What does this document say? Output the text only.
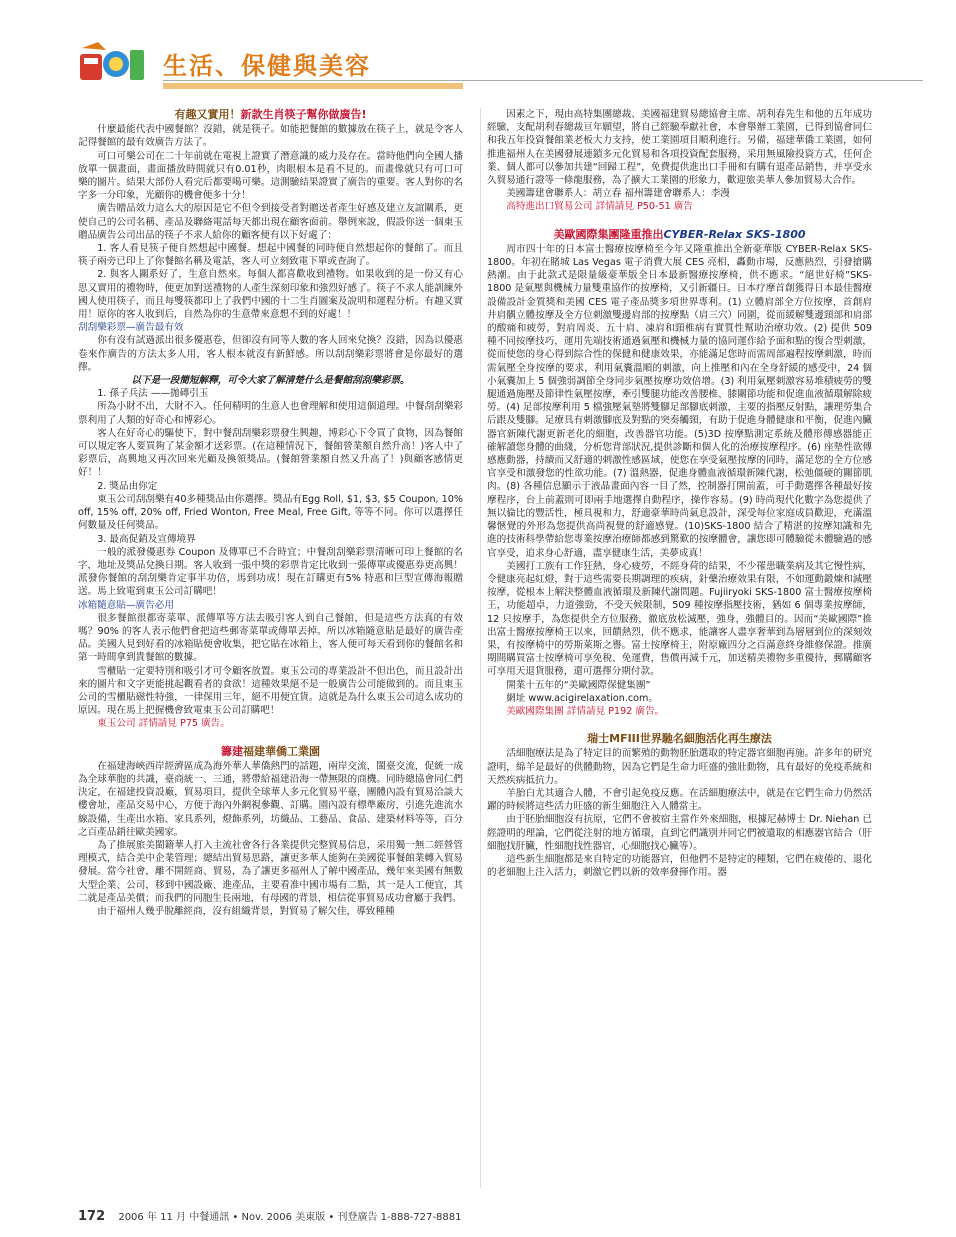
生活、保健與美容
有趣又實用！新款生肖筷子幫你做廣告!

什麼最能代表中國餐館？沒錯，就是筷子。如能把餐館的數據放在筷子上，就是令客人記得餐館的最有效廣告方法了。

可口可樂公司在二十年前就在電視上證實了潛意識的威力及存在。當時他們向全國人播放單一個畫面，畫面播放時間就只有0.01秒，肉眼根本是看不見的。而畫像就只有可口可樂的圖片。結果大部份人看完后都要喝可樂。這測驗結果證實了廣告的重要。客人對你的名字多一分印象，光顧你的機會便多十分！

廣告贈品效力這么大的原因是它不但令到接受者對贈送者產生好感及建立友誼關系，更使自己的公司名稱、產品及聯絡電話每天都出現在顧客面前。舉例來說，假設你送一個東玉贈品廣告公司出品的筷子不求人給你的顧客便有以下好處了：

1. 客人看見筷子便自然想起中國餐。想起中國餐的同時便自然想起你的餐館了。而且筷子兩旁已印上了你餐館名稱及電話，客人可立刻致電下單或查詢了。

2. 與客人關系好了，生意自然來。每個人都喜歡收到禮物。如果收到的是一份又有心思又實用的禮物時，便更加對送禮物的人產生深刻印象和強烈好感了。筷子不求人能訓練外國人使用筷子，而且每雙筷都印上了我們中國的十二生肖圖案及說明和運程分析。有趣又實用！原你的客人收到后，自然為你的生意帶來意想不到的好處！！

刮刮樂彩票—廣告最有效

你有沒有試過派出很多優惠卷，但卻沒有同等人數的客人回來兌換？沒錯，因為以優惠卷來作廣告的方法太多人用，客人根本就沒有新鮮感。所以刮刮樂彩票將會是你最好的選擇。

以下是一段簡短解釋，可令大家了解清楚什么是餐館刮刮樂彩票。

1. 孫子兵法 ——拋磚引玉

所為小財不出，大財不入。任何精明的生意人也會理解和使用這個道理。中餐刮刮樂彩票利用了人類的好奇心和博彩心。

客人在好奇心的驅使下，對中餐刮刮樂彩票發生興趣，博彩心下令買了食物，因為餐館可以規定客人要買夠了某金額才送彩票。(在這種情況下，餐館營業額自然升高！)客人中了彩票后，高興地又再次回來光顧及換領獎品。(餐館營業額自然又升高了！)與顧客感情更好！！

2. 獎品由你定

東玉公司刮刮樂有40多種獎品由你選擇。獎品有Egg Roll, $1, $3, $5 Coupon, 10% off, 15% off, 20% off, Fried Wonton, Free Meal, Free Gift, 等等不同。你可以選擇任何數量及任何獎品。

3. 最高促銷及宣傳境界

一般的派發優惠券 Coupon 及傳單已不合時宜；中餐刮刮樂彩票清晰可印上餐館的名字，地址及獎品兌換日期。客人收到一張中獎的彩票肯定比收到一張傳單或優惠券更高興！派發你餐館的刮刮樂肯定事半功倍，馬到功成！現在訂購更有5% 特惠和巨型宣傳海報贈送。馬上致電到東玉公司訂購吧！

冰箱隨意貼—廣告必用

很多餐館很都寄菜單、派傳單等方法去吸引客人到自己餐館，但是這些方法真的有效嗎？90% 的客人表示他們會把這些郵寄菜單或傳單丟掉。所以冰箱隨意貼是最好的廣告產品。美國人見到好看的冰箱貼便會收集，把它貼在冰箱上，客人便可每天看到你的餐館名和第一時間拿到貴餐館的數據。

雪櫃貼一定要特別和吸引才可令顧客放置。東玉公司的專業設計不但出色，而且設計出來的圖片和文字更能挑起觀看者的食欲！這種效果絕不是一般廣告公司能做到的。而且東玉公司的雪櫃貼磁性特強，一律保用三年，絕不用便宜貨。這就是為什么東玉公司這么成功的原因。現在馬上把握機會致電東玉公司訂購吧！

東玉公司 詳情請見 P75 廣告。

籌建福建華僑工業園

在福建海峽西岸經濟區成為海外華人華僑熱門的話題，兩岸交流，閩臺交流，促統一成為全球華胞的共識，臺商統一、三通，將帶給福建沿海一帶無限的商機。同時總協會同仁們決定，在福建投資設廠，貿易項目，提供全球華人多元化貿易平臺，團體內設有貿易洽談大樓會址，產品交易中心，方便于海內外網視參觀、訂購。園內設有標準廠房，引進先進流水線設備，生產出水箱、家具系列，燈飾系列，坊織品、工藝品、食品、建築材料等等，百分之百產品銷往歐美國家。

為了推展旅美閩籍華人打入主流社會各行各業提供完整貿易信息，采用獨一無二經營管理模式，結合美中企業管理；總結出貿易思路，讓更多華人能夠在美國從事餐館業轉入貿易發展。當今社會，離不開經商、貿易，為了讓更多福州人了解中國產品，幾年來美國有無數大型企業、公司，移到中國設廠、進產品，主要看准中國市場有二點，其一是人工便宜，其二就是產品美價；而我們的同胞生長兩地，有母國的背景，相信從事貿易成功會屬于我們。

由于福州人幾乎脫離經商，沒有組織背景，對貿易了解欠佳，導致種種

因素之下，現由高特集團總裁、美國福建貿易總協會主席、胡利春先生和他的五年成功經驗，支配胡利春總裁亘年願望，將自己經驗奉獻社會，本會舉辦工業園，已得到協會同仁和我五年投資餐館業老板大力支持，使工業園項目順利進行。另備，福建華僑工業園，如何推進福州人在美國發展連鎖多元化貿易和各項投資配套服務，采用無風險投資方式，任何企業、個人都可以參加共建“回歸工程”，免費提供進出口手冊和有購有退產品銷售，并享受永久貿易通行證等一條龍服務，為了擴大工業園的形象力，歡迎旅美華人參加貿易大合作。

美國籌建會聯系人：胡立春 福州籌建會聯系人：李漫

高特進出口貿易公司 詳情請見 P50-51 廣告

美歐國際集團隆重推出CYBER-Relax SKS-1800

周市四十年的日本富士醫療按摩椅至今年又隆重推出全新豪華版 CYBER-Relax SKS-1800。年初在賭城 Las Vegas 電子消費大展 CES 亮相，轟動市場，反應熱烈，引發搶購熱潮。由于此款式是限量級豪華版全日本最新醫療按摩椅，供不應求。“絕世好椅”SKS-1800 是氣壓與機械力量雙重協作的按摩椅，又引新疆日。日本疗摩首創獲得日本最佳醫療設備設計金質獎和美國 CES 電子產品獎多項世界專利。(1) 立體肩部全方位按摩，首創肩井肩髃立體按摩及全方位刺激雙邊肩部的按摩點（肩三穴）同圍，從而緩解雙邊頸部和肩部的酸痛和疲勞，對肩周炎、五十肩、凍肩和頸椎病有實質性幫助治療功效。(2) 提供 509 種不同按摩技巧，運用先端技術通過氣壓和機械力量的協同運作給予面和點的復合型刺激，從而使您的身心得到綜合性的保健和健康效果，亦能滿足您時而需周部遍程按摩刺激，時而需氣壓全身按摩的要求，利用氣囊溫順的刺激，向上推壓和內在全身舒緩的感受中，24 個小氣囊加上 5 個強弱調節全身同步氣壓按摩功效倍增。(3) 利用氣壓刺激容易堆積疲勞的雙腿通過施壓及節律性氣壓按摩，牽引雙腿功能改善腰椎、膝關節功能和促進血液循環解除疲勞。(4) 足部按摩利用 5 檔強壓氣墊將雙腳足部腳底刺激，主要的指壓反射點，讓理勞集合后跟及雙腳。足療具有刺激腳底及對點的突奏觸頸，有助于促進身體健康和平衡，促進內臟器官新陳代謝更新老化的細胞，改善器官功能。(5)3D 按摩點測定系統及體形傳感器能正確解讀您身體的曲綫，分析您背部狀況,提供診斷和個人化的治療按摩程序。(6) 座墊性欲傳感應動器，持續而又舒適的刺激性感區域，使您在享受氣壓按摩的同時，滿足您的全方位感官享受和激發您的性欲功能。(7) 溫熱器，促進身體血液循環新陳代謝，松弛僵硬的關節肌肉。(8) 各種信息顯示于液晶畫面內容一目了然，控制器打開前蓋，可手動選擇各種最好按摩程序，台上前蓋則可即兩手地選擇自動程序，操作容易。(9) 時尚現代化數字為您提供了無以倫比的豐活性，極具視和力，舒適豪華時尚氣息設計，深受每位家庭成員歡迎，充滿溫馨愜覺的外形為您提供高尚視覺的舒適感覺。(10)SKS-1800 結合了精湛的按摩知識和先進的技術科學帶給您專業按摩治療師都感到驚歎的按摩體會，讓您即可體驗從未體驗過的感官享受，追求身心舒適，盡享健康生活，美夢成真！

美國打工族有工作狂熱，身心疲勞，不經身荷的結果，不少罹患職業病及其它慢性病，令健康亮起紅燈，對于這些需要長期調理的疾病，針藥治療效果有限，不如運動鍛煉和減壓按摩，從根本上解決整體血液循環及新陳代謝問題。Fujiiryoki SKS-1800 富士醫療按摩椅王，功能超卓，力道強勁，不受天候限制，509 種按摩指壓技術，猶如 6 個專業按摩師，12 只按摩手，為您提供全方位服務，徹底放松減壓，強身，強體目的。因而“美歐國際”推出富士醫療按摩椅王以來，回饋熱烈，供不應求，能讓客人盡享奢華到為層層到位的深刻效果，有按摩椅中的勞斯萊斯之譽。富士按摩椅王，附原廠四分之百滿意終身維修保證。推廣期間購買富士按摩椅可享免稅、免運費，售價再減千元，加送精美禮物多重優待，郵購顧客可享用天退貨服務，還可選擇分期付款。

開業十五年的“美歐國際保健集團”

網址 www.acigirelaxation.com。

美歐國際集團 詳情請見 P192 廣告。

瑞士MFIII世界馳名細胞活化再生療法

活細胞療法是為了特定目的而繁殖的動物胚胎選取的特定器官細胞再施。許多年的研究證明，綿羊是最好的供體動物，因為它們是生命力旺盛的強壯動物，具有最好的免疫系統和天然疾病抵抗力。

羊胎白尤其適合人體，不會引起免疫反應。在活細胞療法中，就是在它們生命力仍然活躍的時候將這些活力旺盛的新生細胞注入人體當主。

由于胚胎細胞沒有抗原，它們不會被宿主當作外來細胞，根據尼赫博士 Dr. Niehan 已經證明的理論，它們從注射的地方循環，直到它們識別并同它們被遺取的相應器官結合（肝細胞找肝臟，性細胞找性器官，心細胞找心臟等）。

這些新生細胞都是來自特定的功能器官，但他們不是特定的種類，它們在疲倦的、退化的老細胞上注入活力，刺激它們以新的效率發揮作用。器

172 2006 年 11 月 中餐通訊 • Nov. 2006 美東版 • 刊登廣告 1-888-727-8881
